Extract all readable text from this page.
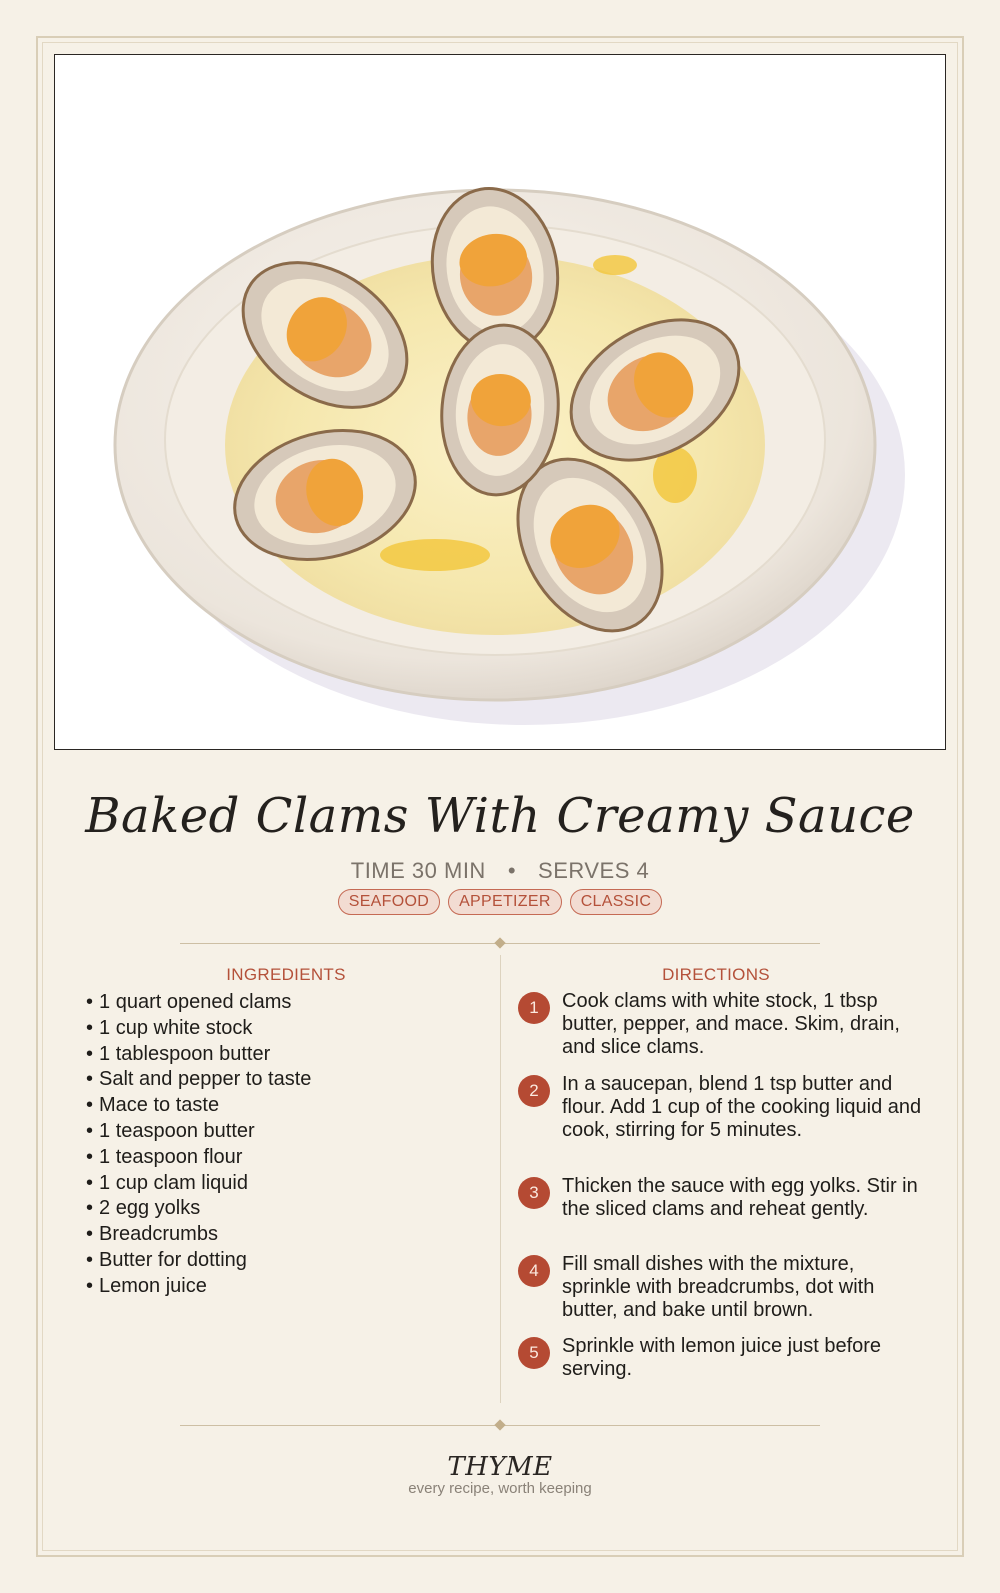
Baked Clams With Creamy Sauce
TIME 30 MIN • SERVES 4
SEAFOOD APPETIZER CLASSIC
INGREDIENTS	DIRECTIONS
• 1 quart opened clams
• 1 cup white stock
• 1 tablespoon butter
• Salt and pepper to taste
• Mace to taste
• 1 teaspoon butter
• 1 teaspoon flour
• 1 cup clam liquid
• 2 egg yolks
• Breadcrumbs
• Butter for dotting
• Lemon juice
1	Cook clams with white stock, 1 tbsp butter, pepper, and mace. Skim, drain, and slice clams.
2	In a saucepan, blend 1 tsp butter and flour. Add 1 cup of the cooking liquid and cook, stirring for 5 minutes.
3	Thicken the sauce with egg yolks. Stir in the sliced clams and reheat gently.
4	Fill small dishes with the mixture, sprinkle with breadcrumbs, dot with butter, and bake until brown.
5	Sprinkle with lemon juice just before serving.
THYME
every recipe, worth keeping
